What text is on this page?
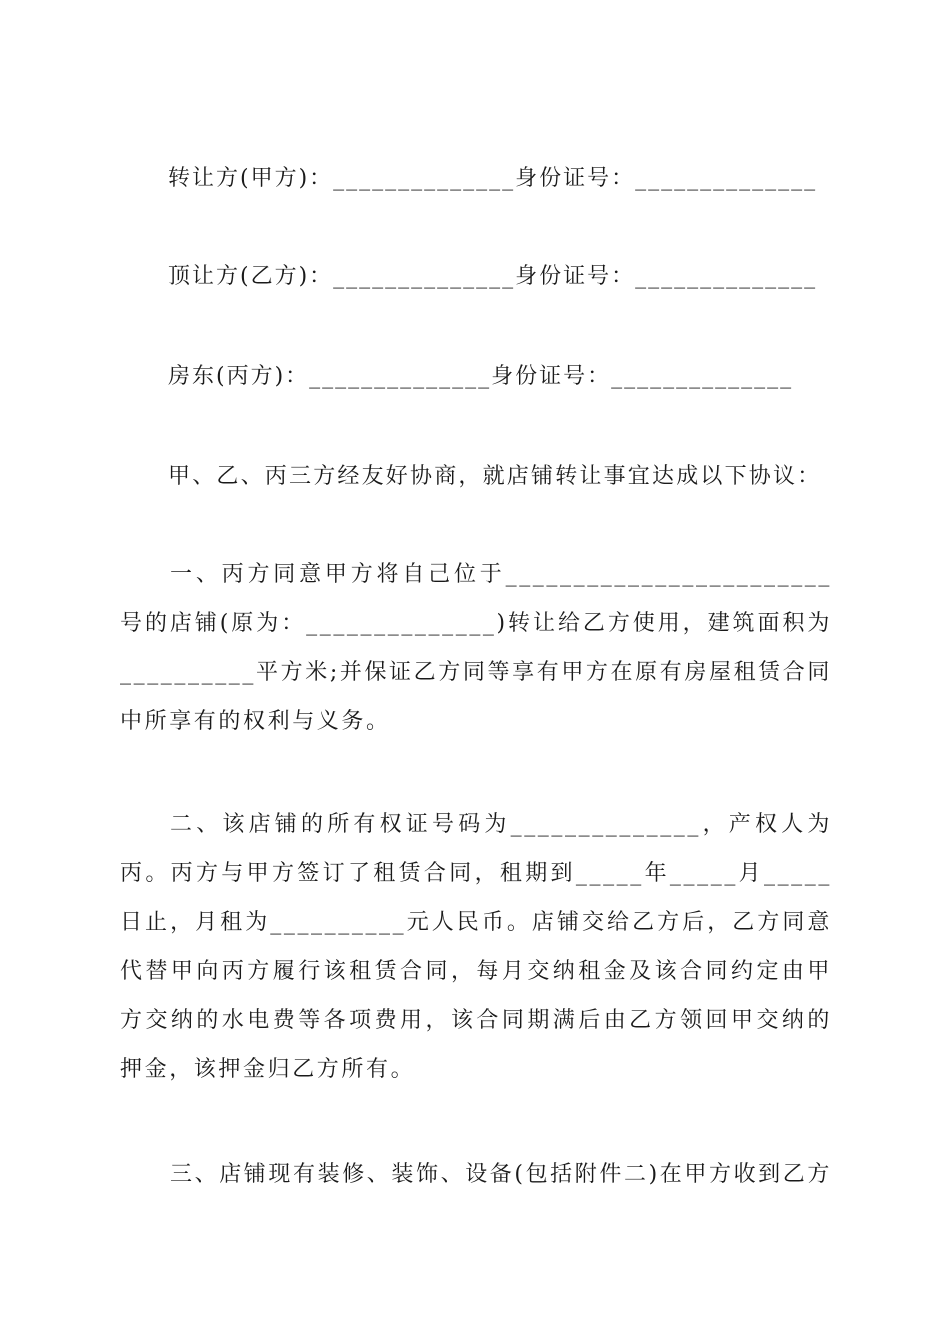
转让方(甲方)：______________身份证号：______________
顶让方(乙方)：______________身份证号：______________
房东(丙方)：______________身份证号：______________
甲、乙、丙三方经友好协商，就店铺转让事宜达成以下协议：
一、丙方同意甲方将自己位于________________________号的店铺(原为：______________)转让给乙方使用，建筑面积为__________平方米;并保证乙方同等享有甲方在原有房屋租赁合同中所享有的权利与义务。
二、该店铺的所有权证号码为______________，产权人为丙。丙方与甲方签订了租赁合同，租期到_____年_____月_____日止，月租为__________元人民币。店铺交给乙方后，乙方同意代替甲向丙方履行该租赁合同，每月交纳租金及该合同约定由甲方交纳的水电费等各项费用，该合同期满后由乙方领回甲交纳的押金，该押金归乙方所有。
三、店铺现有装修、装饰、设备(包括附件二)在甲方收到乙方
